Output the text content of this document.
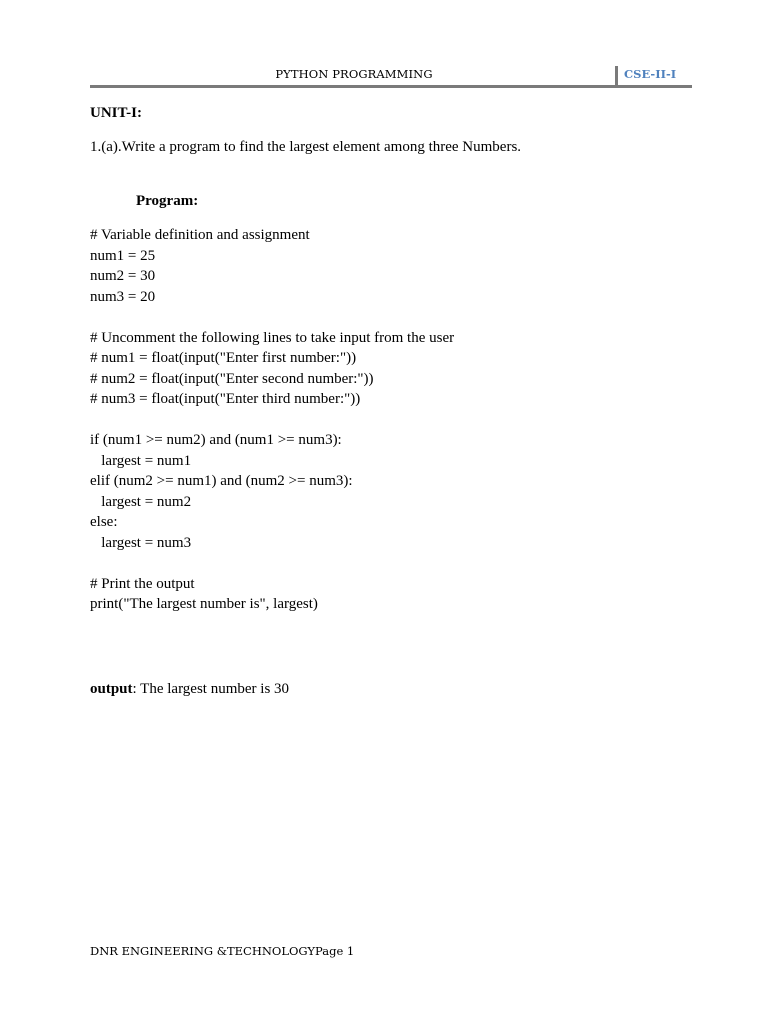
PYTHON PROGRAMMING	CSE-II-I
UNIT-I:
1.(a).Write a program to find the largest element among three Numbers.
Program:
# Variable definition and assignment
num1 = 25
num2 = 30
num3 = 20
# Uncomment the following lines to take input from the user
# num1 = float(input("Enter first number:"))
# num2 = float(input("Enter second number:"))
# num3 = float(input("Enter third number:"))
if (num1 >= num2) and (num1 >= num3):
largest = num1
elif (num2 >= num1) and (num2 >= num3):
largest = num2
else:
largest = num3
# Print the output
print("The largest number is", largest)
output: The largest number is 30
DNR ENGINEERING &TECHNOLOGYPage 1
